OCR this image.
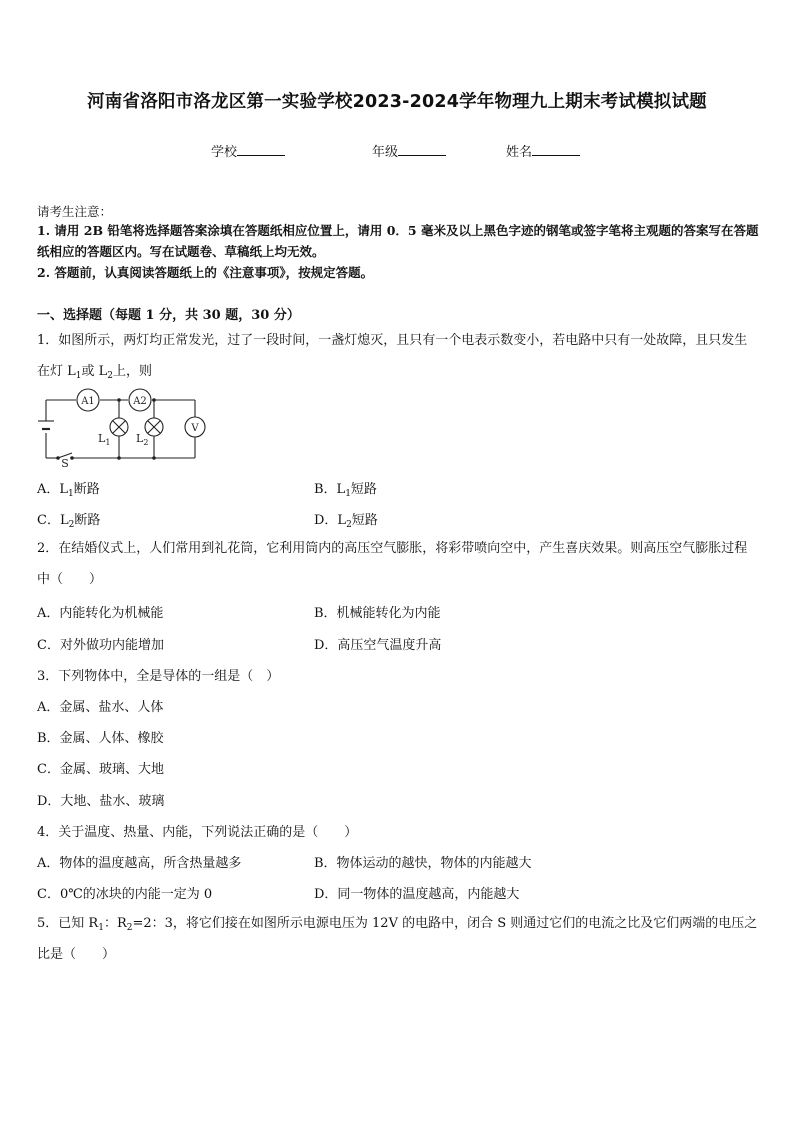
河南省洛阳市洛龙区第一实验学校2023-2024学年物理九上期末考试模拟试题
学校	年级	姓名
请考生注意：
1. 请用 2B 铅笔将选择题答案涂填在答题纸相应位置上，请用 0．5 毫米及以上黑色字迹的钢笔或签字笔将主观题的答案写在答题纸相应的答题区内。写在试题卷、草稿纸上均无效。
2. 答题前，认真阅读答题纸上的《注意事项》，按规定答题。
一、选择题（每题 1 分，共 30 题，30 分）
1．如图所示，两灯均正常发光，过了一段时间，一盏灯熄灭，且只有一个电表示数变小，若电路中只有一处故障，且只发生在灯 $L_1$或 $L_2$上，则
A1	A2
V
$L_1$ $L_2$
S
A．$L_1$断路	B．$L_1$短路
C．$L_2$断路	D．$L_2$短路
2．在结婚仪式上，人们常用到礼花筒，它利用筒内的高压空气膨胀，将彩带喷向空中，产生喜庆效果。则高压空气膨胀过程中（　　）
A．内能转化为机械能	B．机械能转化为内能
C．对外做功内能增加	D．高压空气温度升高
3．下列物体中，全是导体的一组是（　）
A．金属、盐水、人体
B．金属、人体、橡胶
C．金属、玻璃、大地
D．大地、盐水、玻璃
4．关于温度、热量、内能，下列说法正确的是（　　）
A．物体的温度越高，所含热量越多	B．物体运动的越快，物体的内能越大
C．0℃的冰块的内能一定为 0	D．同一物体的温度越高，内能越大
5．已知 $R_1$：$R_2=2$：3，将它们接在如图所示电源电压为 12V 的电路中，闭合 S 则通过它们的电流之比及它们两端的电压之比是（　　）
